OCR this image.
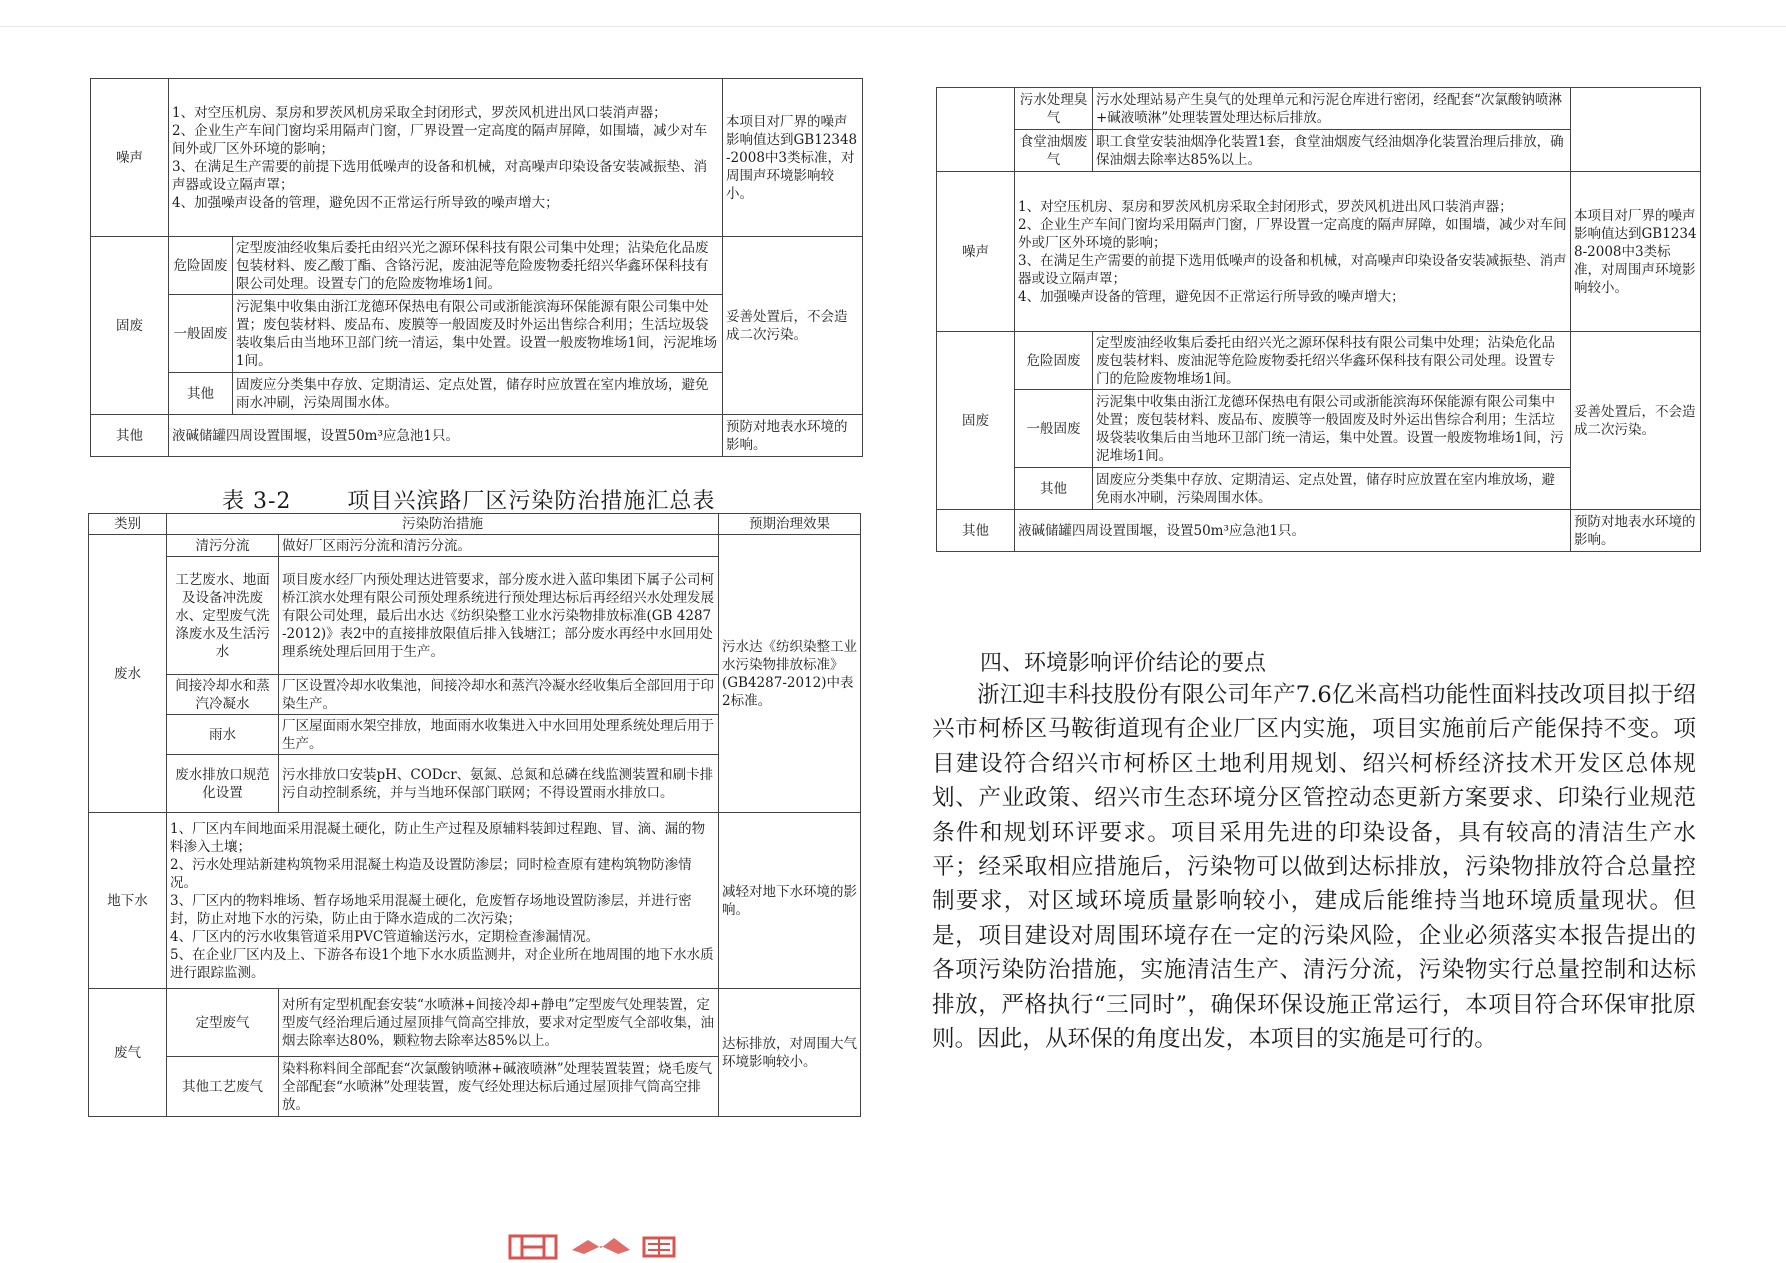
噪声	1、对空压机房、泵房和罗茨风机房采取全封闭形式，罗茨风机进出风口装消声器；
2、企业生产车间门窗均采用隔声门窗，厂界设置一定高度的隔声屏障，如围墙，减少对车间外或厂区外环境的影响；
3、在满足生产需要的前提下选用低噪声的设备和机械，对高噪声印染设备安装减振垫、消声器或设立隔声罩；
4、加强噪声设备的管理，避免因不正常运行所导致的噪声增大；		本项目对厂界的噪声影响值达到GB12348-2008中3类标准，对周围声环境影响较小。
固废	危险固废	定型废油经收集后委托由绍兴光之源环保科技有限公司集中处理；沾染危化品废包装材料、废乙酸丁酯、含铬污泥，废油泥等危险废物委托绍兴华鑫环保科技有限公司处理。设置专门的危险废物堆场1间。	妥善处置后，不会造成二次污染。
	一般固废	污泥集中收集由浙江龙德环保热电有限公司或浙能滨海环保能源有限公司集中处置；废包装材料、废品布、废膜等一般固废及时外运出售综合利用；生活垃圾袋装收集后由当地环卫部门统一清运，集中处置。设置一般废物堆场1间，污泥堆场1间。	
	其他	固废应分类集中存放、定期清运、定点处置，储存时应放置在室内堆放场，避免雨水冲刷，污染周围水体。	
其他	液碱储罐四周设置围堰，设置50m³应急池1只。		预防对地表水环境的影响。
表 3-2	项目兴滨路厂区污染防治措施汇总表
类别	污染防治措施		预期治理效果
废水	清污分流	做好厂区雨污分流和清污分流。	污水达《纺织染整工业水污染物排放标准》(GB4287-2012)中表2标准。
	工艺废水、地面及设备冲洗废水、定型废气洗涤废水及生活污水	项目废水经厂内预处理达进管要求，部分废水进入蓝印集团下属子公司柯桥江滨水处理有限公司预处理系统进行预处理达标后再经绍兴水处理发展有限公司处理，最后出水达《纺织染整工业水污染物排放标准(GB 4287-2012)》表2中的直接排放限值后排入钱塘江；部分废水再经中水回用处理系统处理后回用于生产。	
	间接冷却水和蒸汽冷凝水	厂区设置冷却水收集池，间接冷却水和蒸汽冷凝水经收集后全部回用于印染生产。	
	雨水	厂区屋面雨水架空排放，地面雨水收集进入中水回用处理系统处理后用于生产。	
	废水排放口规范化设置	污水排放口安装pH、CODcr、氨氮、总氮和总磷在线监测装置和刷卡排污自动控制系统，并与当地环保部门联网；不得设置雨水排放口。	
地下水	1、厂区内车间地面采用混凝土硬化，防止生产过程及原辅料装卸过程跑、冒、滴、漏的物料渗入土壤；
2、污水处理站新建构筑物采用混凝土构造及设置防渗层；同时检查原有建构筑物防渗情况。
3、厂区内的物料堆场、暂存场地采用混凝土硬化，危废暂存场地设置防渗层，并进行密封，防止对地下水的污染，防止由于降水造成的二次污染；
4、厂区内的污水收集管道采用PVC管道输送污水，定期检查渗漏情况。
5、在企业厂区内及上、下游各布设1个地下水水质监测井，对企业所在地周围的地下水水质进行跟踪监测。		减轻对地下水环境的影响。
废气	定型废气	对所有定型机配套安装“水喷淋+间接冷却+静电”定型废气处理装置，定型废气经治理后通过屋顶排气筒高空排放，要求对定型废气全部收集，油烟去除率达80%，颗粒物去除率达85%以上。	达标排放，对周围大气环境影响较小。
	其他工艺废气	染料称料间全部配套“次氯酸钠喷淋+碱液喷淋”处理装置装置；烧毛废气全部配套“水喷淋”处理装置，废气经处理达标后通过屋顶排气筒高空排放。	
	污水处理臭气	污水处理站易产生臭气的处理单元和污泥仓库进行密闭，经配套“次氯酸钠喷淋+碱液喷淋”处理装置处理达标后排放。	
	食堂油烟废气	职工食堂安装油烟净化装置1套，食堂油烟废气经油烟净化装置治理后排放，确保油烟去除率达85%以上。	
噪声	1、对空压机房、泵房和罗茨风机房采取全封闭形式，罗茨风机进出风口装消声器；
2、企业生产车间门窗均采用隔声门窗，厂界设置一定高度的隔声屏障，如围墙，减少对车间外或厂区外环境的影响；
3、在满足生产需要的前提下选用低噪声的设备和机械，对高噪声印染设备安装减振垫、消声器或设立隔声罩；
4、加强噪声设备的管理，避免因不正常运行所导致的噪声增大；		本项目对厂界的噪声影响值达到GB12348-2008中3类标准，对周围声环境影响较小。
固废	危险固废	定型废油经收集后委托由绍兴光之源环保科技有限公司集中处理；沾染危化品废包装材料、废油泥等危险废物委托绍兴华鑫环保科技有限公司处理。设置专门的危险废物堆场1间。	妥善处置后，不会造成二次污染。
	一般固废	污泥集中收集由浙江龙德环保热电有限公司或浙能滨海环保能源有限公司集中处置；废包装材料、废品布、废膜等一般固废及时外运出售综合利用；生活垃圾袋装收集后由当地环卫部门统一清运，集中处置。设置一般废物堆场1间，污泥堆场1间。	
	其他	固废应分类集中存放、定期清运、定点处置，储存时应放置在室内堆放场，避免雨水冲刷，污染周围水体。	
其他	液碱储罐四周设置围堰，设置50m³应急池1只。		预防对地表水环境的影响。
四、环境影响评价结论的要点
浙江迎丰科技股份有限公司年产7.6亿米高档功能性面料技改项目拟于绍兴市柯桥区马鞍街道现有企业厂区内实施，项目实施前后产能保持不变。项目建设符合绍兴市柯桥区土地利用规划、绍兴柯桥经济技术开发区总体规划、产业政策、绍兴市生态环境分区管控动态更新方案要求、印染行业规范条件和规划环评要求。项目采用先进的印染设备，具有较高的清洁生产水平；经采取相应措施后，污染物可以做到达标排放，污染物排放符合总量控制要求，对区域环境质量影响较小，建成后能维持当地环境质量现状。但是，项目建设对周围环境存在一定的污染风险，企业必须落实本报告提出的各项污染防治措施，实施清洁生产、清污分流，污染物实行总量控制和达标排放，严格执行“三同时”，确保环保设施正常运行，本项目符合环保审批原则。因此，从环保的角度出发，本项目的实施是可行的。
